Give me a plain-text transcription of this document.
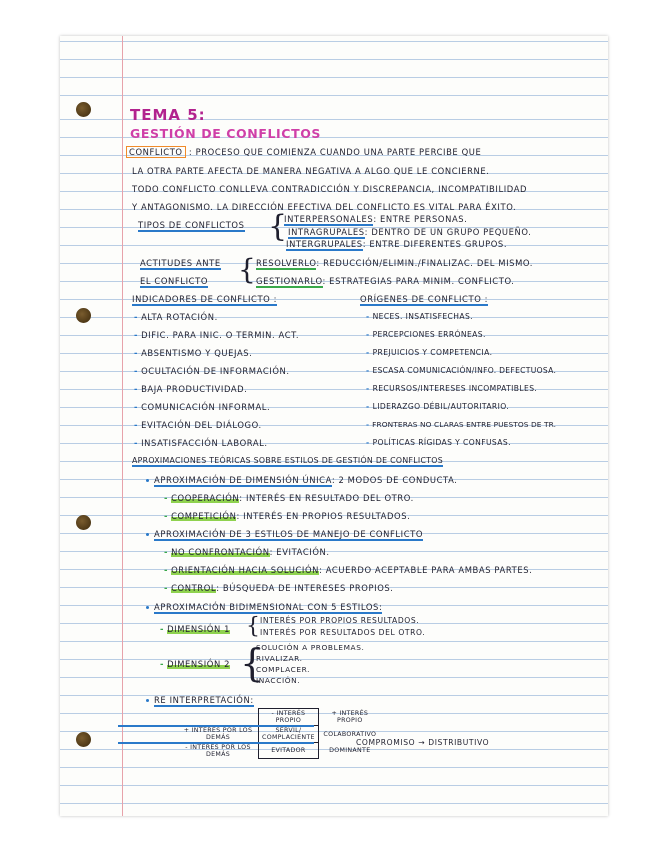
TEMA 5:
GESTIÓN DE CONFLICTOS
CONFLICTO : PROCESO QUE COMIENZA CUANDO UNA PARTE PERCIBE QUE
LA OTRA PARTE AFECTA DE MANERA NEGATIVA A ALGO QUE LE CONCIERNE.
TODO CONFLICTO CONLLEVA CONTRADICCIÓN Y DISCREPANCIA, INCOMPATIBILIDAD
Y ANTAGONISMO. LA DIRECCIÓN EFECTIVA DEL CONFLICTO ES VITAL PARA ÉXITO.
TIPOS DE CONFLICTOS {
INTERPERSONALES: ENTRE PERSONAS.
INTRAGRUPALES: DENTRO DE UN GRUPO PEQUEÑO.
INTERGRUPALES: ENTRE DIFERENTES GRUPOS.
ACTITUDES ANTE
EL CONFLICTO { RESOLVERLO: REDUCCIÓN/ELIMIN./FINALIZAC. DEL MISMO.
GESTIONARLO: ESTRATEGIAS PARA MINIM. CONFLICTO.
INDICADORES DE CONFLICTO :
- ALTA ROTACIÓN.
- DIFIC. PARA INIC. O TERMIN. ACT.
- ABSENTISMO Y QUEJAS.
- OCULTACIÓN DE INFORMACIÓN.
- BAJA PRODUCTIVIDAD.
- COMUNICACIÓN INFORMAL.
- EVITACIÓN DEL DIÁLOGO.
- INSATISFACCIÓN LABORAL.
ORÍGENES DE CONFLICTO :
- NECES. INSATISFECHAS.
- PERCEPCIONES ERRÓNEAS.
- PREJUICIOS Y COMPETENCIA.
- ESCASA COMUNICACIÓN/INFO. DEFECTUOSA.
- RECURSOS/INTERESES INCOMPATIBLES.
- LIDERAZGO DÉBIL/AUTORITARIO.
- FRONTERAS NO CLARAS ENTRE PUESTOS DE TR.
- POLÍTICAS RÍGIDAS Y CONFUSAS.
APROXIMACIONES TEÓRICAS SOBRE ESTILOS DE GESTIÓN DE CONFLICTOS
APROXIMACIÓN DE DIMENSIÓN ÚNICA: 2 MODOS DE CONDUCTA.
- COOPERACIÓN: INTERÉS EN RESULTADO DEL OTRO.
- COMPETICIÓN: INTERÉS EN PROPIOS RESULTADOS.
APROXIMACIÓN DE 3 ESTILOS DE MANEJO DE CONFLICTO
- NO CONFRONTACIÓN: EVITACIÓN.
- ORIENTACIÓN HACIA SOLUCIÓN: ACUERDO ACEPTABLE PARA AMBAS PARTES.
- CONTROL: BÚSQUEDA DE INTERESES PROPIOS.
APROXIMACIÓN BIDIMENSIONAL CON 5 ESTILOS:
- DIMENSIÓN 1 { INTERÉS POR PROPIOS RESULTADOS.
INTERÉS POR RESULTADOS DEL OTRO.
- DIMENSIÓN 2 {
SOLUCIÓN A PROBLEMAS.
RIVALIZAR.
COMPLACER.
INACCIÓN.
RE INTERPRETACIÓN:
	- INTERÉS PROPIO	+ INTERÉS PROPIO
+ INTERÉS POR LOS DEMÁS	SERVIL/ COMPLACIENTE	COLABORATIVO
- INTERÉS POR LOS DEMÁS	EVITADOR	DOMINANTE
COMPROMISO → DISTRIBUTIVO
